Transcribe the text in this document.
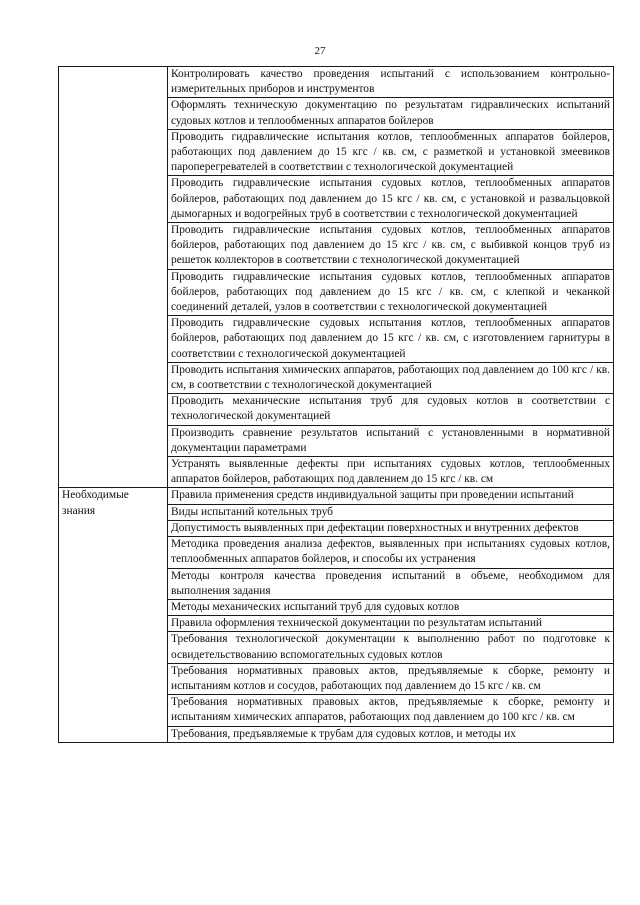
27

	Контролировать качество проведения испытаний с использованием контрольно-измерительных приборов и инструментов

	Оформлять техническую документацию по результатам гидравлических испытаний судовых котлов и теплообменных аппаратов бойлеров

	Проводить гидравлические испытания котлов, теплообменных аппаратов бойлеров, работающих под давлением до 15 кгс / кв. см, с разметкой и установкой змеевиков пароперегревателей в соответствии с технологической документацией

	Проводить гидравлические испытания судовых котлов, теплообменных аппаратов бойлеров, работающих под давлением до 15 кгс / кв. см, с установкой и развальцовкой дымогарных и водогрейных труб в соответствии с технологической документацией

	Проводить гидравлические испытания судовых котлов, теплообменных аппаратов бойлеров, работающих под давлением до 15 кгс / кв. см, с выбивкой концов труб из решеток коллекторов в соответствии с технологической документацией

	Проводить гидравлические испытания судовых котлов, теплообменных аппаратов бойлеров, работающих под давлением до 15 кгс / кв. см, с клепкой и чеканкой соединений деталей, узлов в соответствии с технологической документацией

	Проводить гидравлические судовых испытания котлов, теплообменных аппаратов бойлеров, работающих под давлением до 15 кгс / кв. см, с изготовлением гарнитуры в соответствии с технологической документацией

	Проводить испытания химических аппаратов, работающих под давлением до 100 кгс / кв. см, в соответствии с технологической документацией

	Проводить механические испытания труб для судовых котлов в соответствии с технологической документацией

	Производить сравнение результатов испытаний с установленными в нормативной документации параметрами

	Устранять выявленные дефекты при испытаниях судовых котлов, теплообменных аппаратов бойлеров, работающих под давлением до 15 кгс / кв. см

Необходимые знания	Правила применения средств индивидуальной защиты при проведении испытаний

	Виды испытаний котельных труб

	Допустимость выявленных при дефектации поверхностных и внутренних дефектов

	Методика проведения анализа дефектов, выявленных при испытаниях судовых котлов, теплообменных аппаратов бойлеров, и способы их устранения

	Методы контроля качества проведения испытаний в объеме, необходимом для выполнения задания

	Методы механических испытаний труб для судовых котлов

	Правила оформления технической документации по результатам испытаний

	Требования технологической документации к выполнению работ по подготовке к освидетельствованию вспомогательных судовых котлов

	Требования нормативных правовых актов, предъявляемые к сборке, ремонту и испытаниям котлов и сосудов, работающих под давлением до 15 кгс / кв. см

	Требования нормативных правовых актов, предъявляемые к сборке, ремонту и испытаниям химических аппаратов, работающих под давлением до 100 кгс / кв. см

	Требования, предъявляемые к трубам для судовых котлов, и методы их
